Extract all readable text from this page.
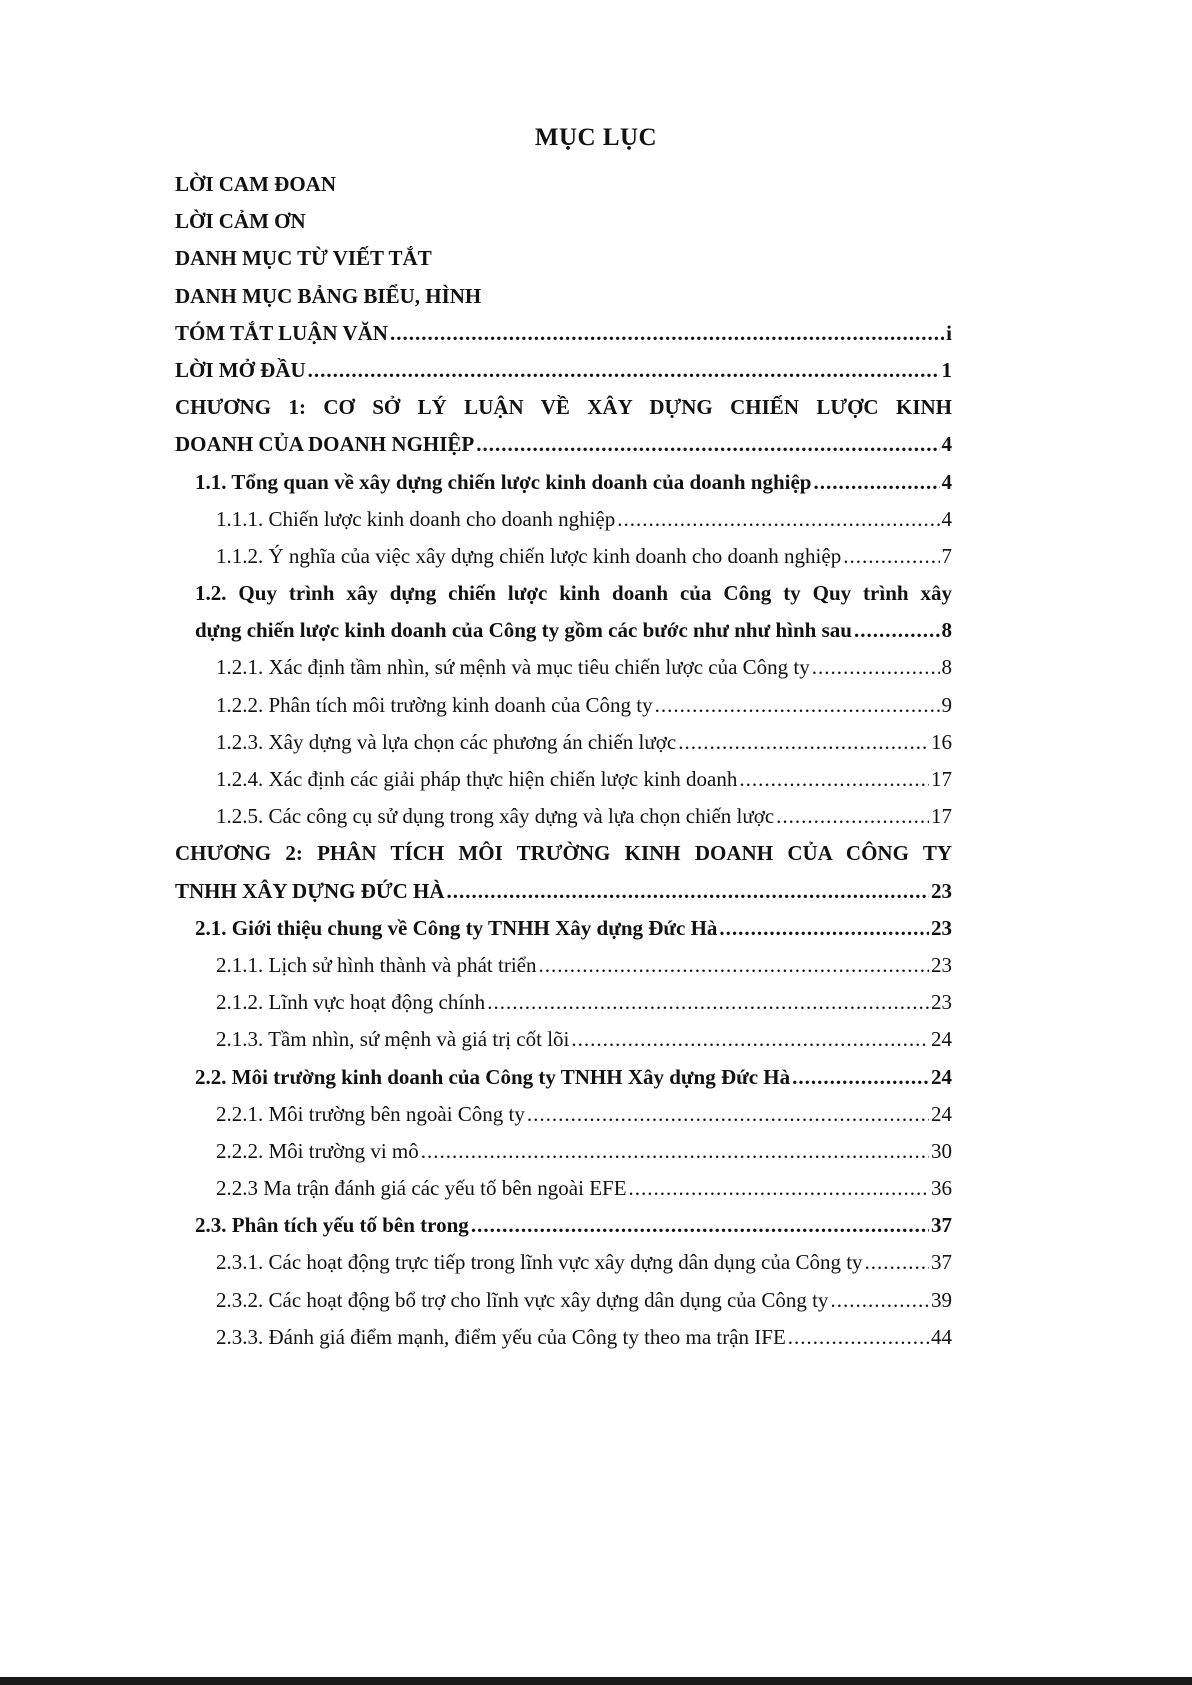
MỤC LỤC
LỜI CAM ĐOAN
LỜI CẢM ƠN
DANH MỤC TỪ VIẾT TẮT
DANH MỤC BẢNG BIỂU, HÌNH
TÓM TẮT LUẬN VĂN .....	i
LỜI MỞ ĐẦU .....	1
CHƯƠNG 1: CƠ SỞ LÝ LUẬN VỀ XÂY DỰNG CHIẾN LƯỢC KINH
DOANH CỦA DOANH NGHIỆP .....	4
1.1. Tổng quan về xây dựng chiến lược kinh doanh của doanh nghiệp .....	4
1.1.1. Chiến lược kinh doanh cho doanh nghiệp .....	4
1.1.2. Ý nghĩa của việc xây dựng chiến lược kinh doanh cho doanh nghiệp .....	7
1.2. Quy trình xây dựng chiến lược kinh doanh của Công ty Quy trình xây
dựng chiến lược kinh doanh của Công ty gồm các bước như như hình sau .....	8
1.2.1. Xác định tầm nhìn, sứ mệnh và mục tiêu chiến lược của Công ty .....	8
1.2.2. Phân tích môi trường kinh doanh của Công ty .....	9
1.2.3. Xây dựng và lựa chọn các phương án chiến lược .....	16
1.2.4. Xác định các giải pháp thực hiện chiến lược kinh doanh .....	17
1.2.5. Các công cụ sử dụng trong xây dựng và lựa chọn chiến lược .....	17
CHƯƠNG 2: PHÂN TÍCH MÔI TRƯỜNG KINH DOANH CỦA CÔNG TY
TNHH XÂY DỰNG ĐỨC HÀ .....	23
2.1. Giới thiệu chung về Công ty TNHH Xây dựng Đức Hà .....	23
2.1.1. Lịch sử hình thành và phát triển .....	23
2.1.2. Lĩnh vực hoạt động chính .....	23
2.1.3. Tầm nhìn, sứ mệnh và giá trị cốt lõi .....	24
2.2. Môi trường kinh doanh của Công ty TNHH Xây dựng Đức Hà .....	24
2.2.1. Môi trường bên ngoài Công ty .....	24
2.2.2. Môi trường vi mô .....	30
2.2.3 Ma trận đánh giá các yếu tố bên ngoài EFE .....	36
2.3. Phân tích yếu tố bên trong .....	37
2.3.1. Các hoạt động trực tiếp trong lĩnh vực xây dựng dân dụng của Công ty .....	37
2.3.2. Các hoạt động bổ trợ cho lĩnh vực xây dựng dân dụng của Công ty .....	39
2.3.3. Đánh giá điểm mạnh, điểm yếu của Công ty theo ma trận IFE .....	44
